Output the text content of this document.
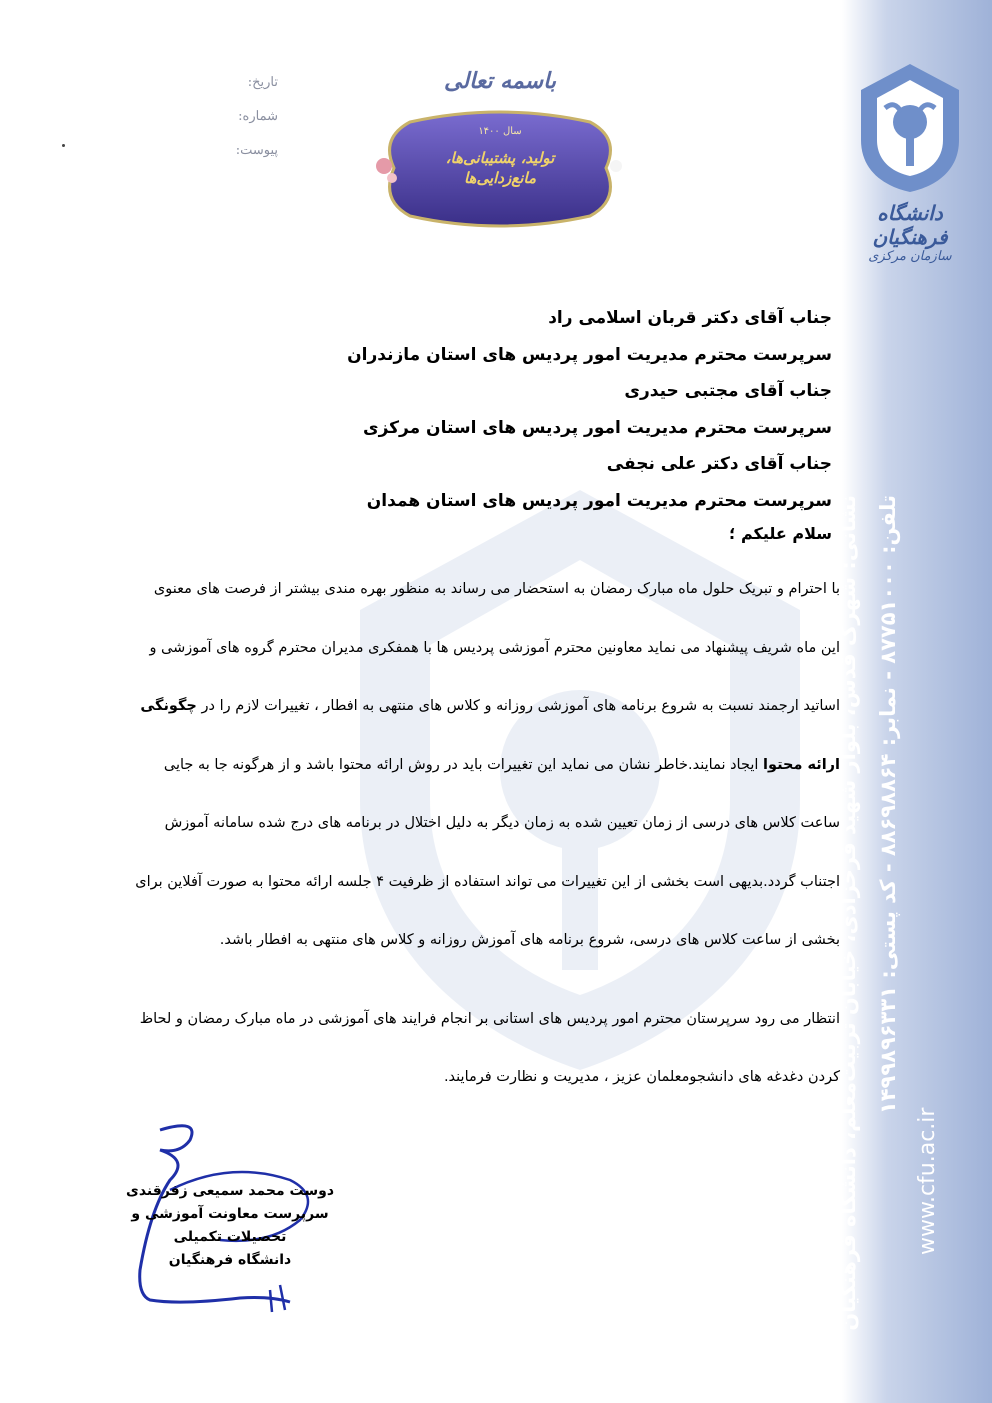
دانشگاه فرهنگیان
سازمان مرکزی
نشانی: شهرک قدس، بلوار شهید فرحزادی، خیابان تربیت‌معلم، دانشگاه فرهنگیان تلفن: ۸۷۷۵۱۰۰۰ - نمابر: ۸۸۶۹۸۸۶۴ - کد پستی: ۱۴۹۹۸۹۶۳۳۱
www.cfu.ac.ir
تاریخ:
شماره:
پیوست:
باسمه تعالی
سال ۱۴۰۰
تولید، پشتیبانی‌ها، مانع‌زدایی‌ها
جناب آقای دکتر قربان اسلامی راد
سرپرست محترم مدیریت امور پردیس های استان مازندران
جناب آقای مجتبی حیدری
سرپرست محترم مدیریت امور پردیس های استان مرکزی
جناب آقای دکتر علی نجفی
سرپرست محترم مدیریت امور پردیس های استان همدان
سلام علیکم ؛
با احترام و تبریک حلول ماه مبارک رمضان به استحضار می رساند به منظور بهره مندی بیشتر از فرصت های معنوی
این ماه شریف پیشنهاد می نماید معاونین محترم آموزشی پردیس ها با همفکری مدیران محترم گروه های آموزشی و
اساتید ارجمند نسبت به شروع برنامه های آموزشی روزانه و کلاس های منتهی به افطار ، تغییرات لازم را در چگونگی
ارائه محتوا ایجاد نمایند.خاطر نشان می نماید این تغییرات باید در روش ارائه محتوا باشد و از هرگونه جا به جایی
ساعت کلاس های درسی از زمان تعیین شده به زمان دیگر به دلیل اختلال در برنامه های درج شده سامانه آموزش
اجتناب گردد.بدیهی است بخشی از این تغییرات می تواند استفاده از ظرفیت ۴ جلسه ارائه محتوا به صورت آفلاین برای
بخشی از ساعت کلاس های درسی، شروع برنامه های آموزش روزانه و کلاس های منتهی به افطار باشد.
انتظار می رود سرپرستان محترم امور پردیس های استانی بر انجام فرایند های آموزشی در ماه مبارک رمضان و لحاظ
کردن دغدغه های دانشجومعلمان عزیز ، مدیریت و نظارت فرمایند.
دوست محمد سمیعی زفرقندی
سرپرست معاونت آموزشی و تحصیلات تکمیلی
دانشگاه فرهنگیان
